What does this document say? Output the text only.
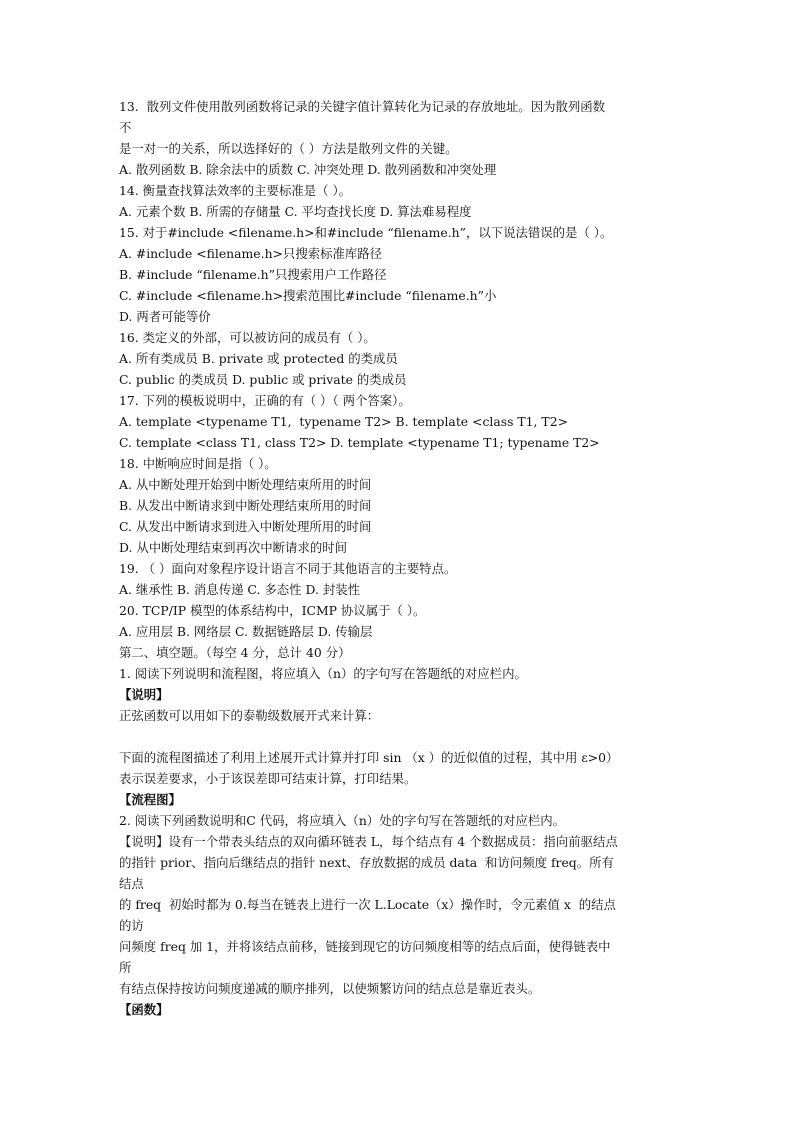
13.  散列文件使用散列函数将记录的关键字值计算转化为记录的存放地址。因为散列函数
不
是一对一的关系，所以选择好的（ ）方法是散列文件的关键。
A. 散列函数 B. 除余法中的质数 C. 冲突处理 D. 散列函数和冲突处理
14. 衡量查找算法效率的主要标准是（ ）。
A. 元素个数 B. 所需的存储量 C. 平均查找长度 D. 算法难易程度
15. 对于#include <filename.h>和#include “filename.h”，以下说法错误的是（ ）。
A. #include <filename.h>只搜索标准库路径
B. #include “filename.h”只搜索用户工作路径
C. #include <filename.h>搜索范围比#include “filename.h”小
D. 两者可能等价
16. 类定义的外部，可以被访问的成员有（ ）。
A. 所有类成员 B. private 或 protected 的类成员
C. public 的类成员 D. public 或 private 的类成员
17. 下列的模板说明中，正确的有（ ）（ 两个答案）。
A. template <typename T1,  typename T2> B. template <class T1, T2>
C. template <class T1, class T2> D. template <typename T1; typename T2>
18. 中断响应时间是指（ ）。
A. 从中断处理开始到中断处理结束所用的时间
B. 从发出中断请求到中断处理结束所用的时间
C. 从发出中断请求到进入中断处理所用的时间
D. 从中断处理结束到再次中断请求的时间
19. （ ）面向对象程序设计语言不同于其他语言的主要特点。
A. 继承性 B. 消息传递 C. 多态性 D. 封装性
20. TCP/IP 模型的体系结构中，ICMP 协议属于（ ）。
A. 应用层 B. 网络层 C. 数据链路层 D. 传输层
第二、填空题。（每空 4 分，总计 40 分）
1. 阅读下列说明和流程图，将应填入（n）的字句写在答题纸的对应栏内。
【说明】
正弦函数可以用如下的泰勒级数展开式来计算：
下面的流程图描述了利用上述展开式计算并打印 sin （x ）的近似值的过程，其中用 ε>0）
表示误差要求，小于该误差即可结束计算，打印结果。
【流程图】
2. 阅读下列函数说明和C 代码，将应填入（n）处的字句写在答题纸的对应栏内。
【说明】设有一个带表头结点的双向循环链表 L，每个结点有 4 个数据成员：指向前驱结点
的指针 prior、指向后继结点的指针 next、存放数据的成员 data  和访问频度 freq。所有
结点
的 freq  初始时都为 0.每当在链表上进行一次 L.Locate（x）操作时，令元素值 x  的结点
的访
问频度 freq 加 1，并将该结点前移，链接到现它的访问频度相等的结点后面，使得链表中
所
有结点保持按访问频度递减的顺序排列，以使频繁访问的结点总是靠近表头。
【函数】
